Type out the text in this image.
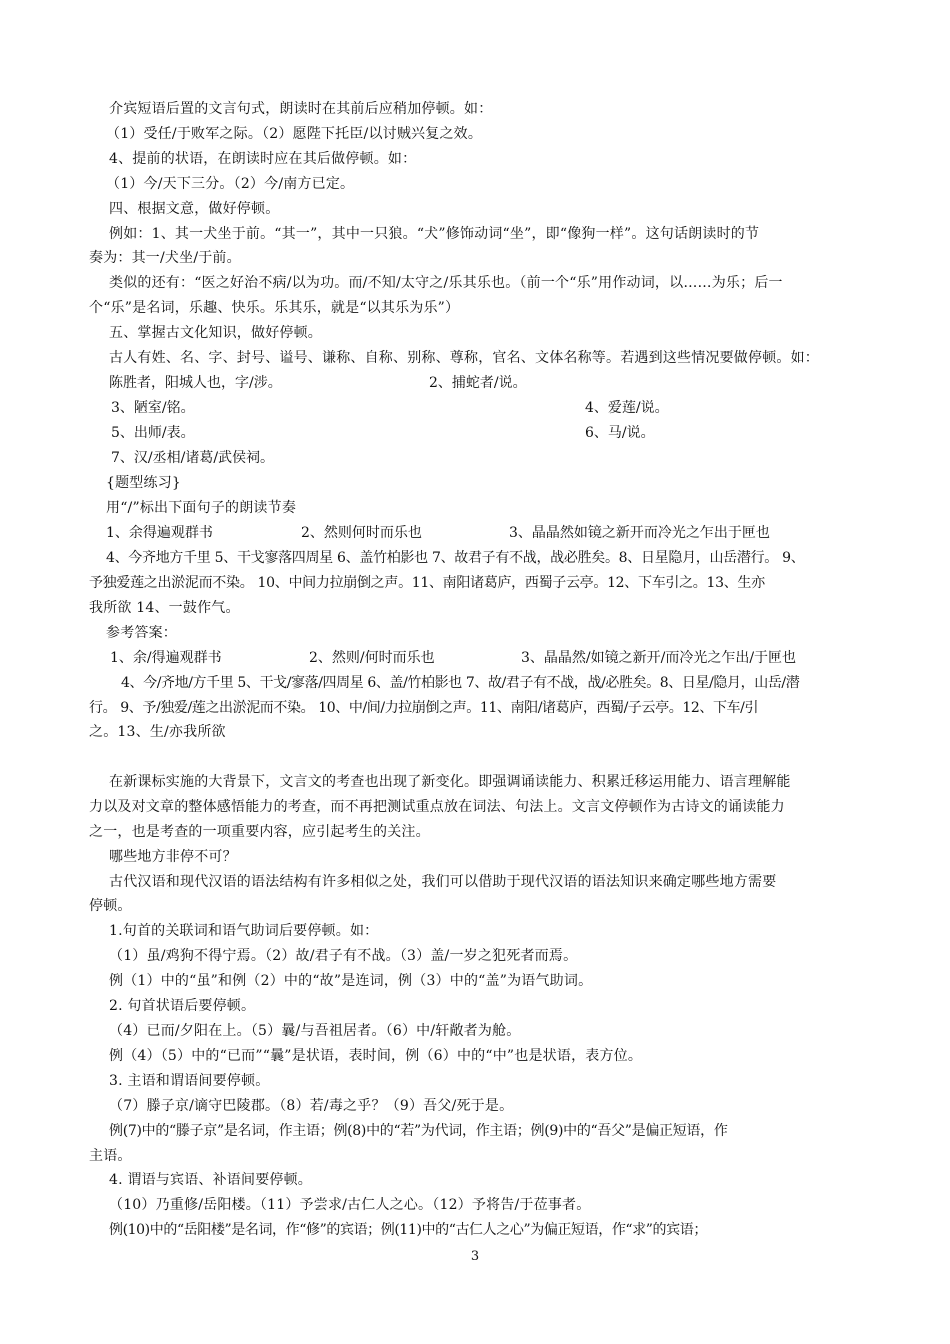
介宾短语后置的文言句式，朗读时在其前后应稍加停顿。如：
（1）受任/于败军之际。（2）愿陛下托臣/以讨贼兴复之效。
4、提前的状语，在朗读时应在其后做停顿。如：
（1）今/天下三分。（2）今/南方已定。
四、根据文意，做好停顿。
例如：1、其一犬坐于前。“其一”，其中一只狼。“犬”修饰动词“坐”，即“像狗一样”。这句话朗读时的节
奏为：其一/犬坐/于前。
类似的还有：“医之好治不病/以为功。而/不知/太守之/乐其乐也。（前一个“乐”用作动词，以……为乐；后一
个“乐”是名词，乐趣、快乐。乐其乐，就是“以其乐为乐”）
五、掌握古文化知识，做好停顿。
古人有姓、名、字、封号、谥号、谦称、自称、别称、尊称，官名、文体名称等。若遇到这些情况要做停顿。如：
陈胜者，阳城人也，字/涉。	2、捕蛇者/说。
3、陋室/铭。	4、爱莲/说。
5、出师/表。	6、马/说。
7、汉/丞相/诸葛/武侯祠。
{题型练习}
用“/”标出下面句子的朗读节奏
1、余得遍观群书	2、然则何时而乐也	3、晶晶然如镜之新开而冷光之乍出于匣也
4、今齐地方千里 5、干戈寥落四周星 6、盖竹柏影也 7、故君子有不战，战必胜矣。8、日星隐月，山岳潜行。 9、
予独爱莲之出淤泥而不染。 10、中间力拉崩倒之声。11、南阳诸葛庐，西蜀子云亭。12、下车引之。13、生亦
我所欲 14、一鼓作气。
参考答案：
1、余/得遍观群书	2、然则/何时而乐也	3、晶晶然/如镜之新开/而冷光之乍出/于匣也
4、今/齐地/方千里 5、干戈/寥落/四周星 6、盖/竹柏影也 7、故/君子有不战，战/必胜矣。8、日星/隐月，山岳/潜
行。 9、予/独爱/莲之出淤泥而不染。 10、中/间/力拉崩倒之声。11、南阳/诸葛庐，西蜀/子云亭。12、下车/引
之。13、生/亦我所欲
在新课标实施的大背景下，文言文的考查也出现了新变化。即强调诵读能力、积累迁移运用能力、语言理解能
力以及对文章的整体感悟能力的考查，而不再把测试重点放在词法、句法上。文言文停顿作为古诗文的诵读能力
之一，也是考查的一项重要内容，应引起考生的关注。
哪些地方非停不可？
古代汉语和现代汉语的语法结构有许多相似之处，我们可以借助于现代汉语的语法知识来确定哪些地方需要
停顿。
1.句首的关联词和语气助词后要停顿。如：
（1）虽/鸡狗不得宁焉。（2）故/君子有不战。（3）盖/一岁之犯死者而焉。
例（1）中的“虽”和例（2）中的“故”是连词，例（3）中的“盖”为语气助词。
2. 句首状语后要停顿。
（4）已而/夕阳在上。（5）曩/与吾祖居者。（6）中/轩敞者为舱。
例（4）（5）中的“已而”“曩”是状语，表时间，例（6）中的“中”也是状语，表方位。
3. 主语和谓语间要停顿。
（7）滕子京/谪守巴陵郡。（8）若/毒之乎？（9）吾父/死于是。
例(7)中的“滕子京”是名词，作主语；例(8)中的“若”为代词，作主语；例(9)中的“吾父”是偏正短语，作
主语。
4. 谓语与宾语、补语间要停顿。
（10）乃重修/岳阳楼。（11）予尝求/古仁人之心。（12）予将告/于莅事者。
例(10)中的“岳阳楼”是名词，作“修”的宾语；例(11)中的“古仁人之心”为偏正短语，作“求”的宾语；
3
